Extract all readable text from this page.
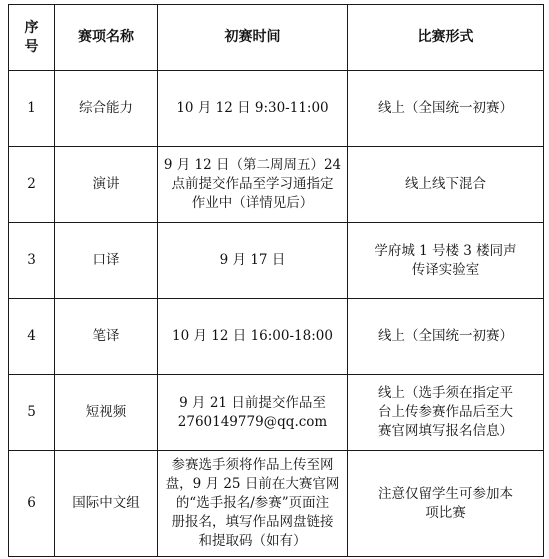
序
号	赛项名称	初赛时间	比赛形式
1	综合能力	10 月 12 日 9:30-11:00	线上（全国统一初赛）
2	演讲	9 月 12 日（第二周周五）24
点前提交作品至学习通指定
作业中（详情见后）	线上线下混合
3	口译	9 月 17 日	学府城 1 号楼 3 楼同声
传译实验室
4	笔译	10 月 12 日 16:00-18:00	线上（全国统一初赛）
5	短视频	9 月 21 日前提交作品至
2760149779@qq.com	线上（选手须在指定平
台上传参赛作品后至大
赛官网填写报名信息）
6	国际中文组	参赛选手须将作品上传至网
盘，9 月 25 日前在大赛官网
的“选手报名/参赛”页面注
册报名，填写作品网盘链接
和提取码（如有）	注意仅留学生可参加本
项比赛
